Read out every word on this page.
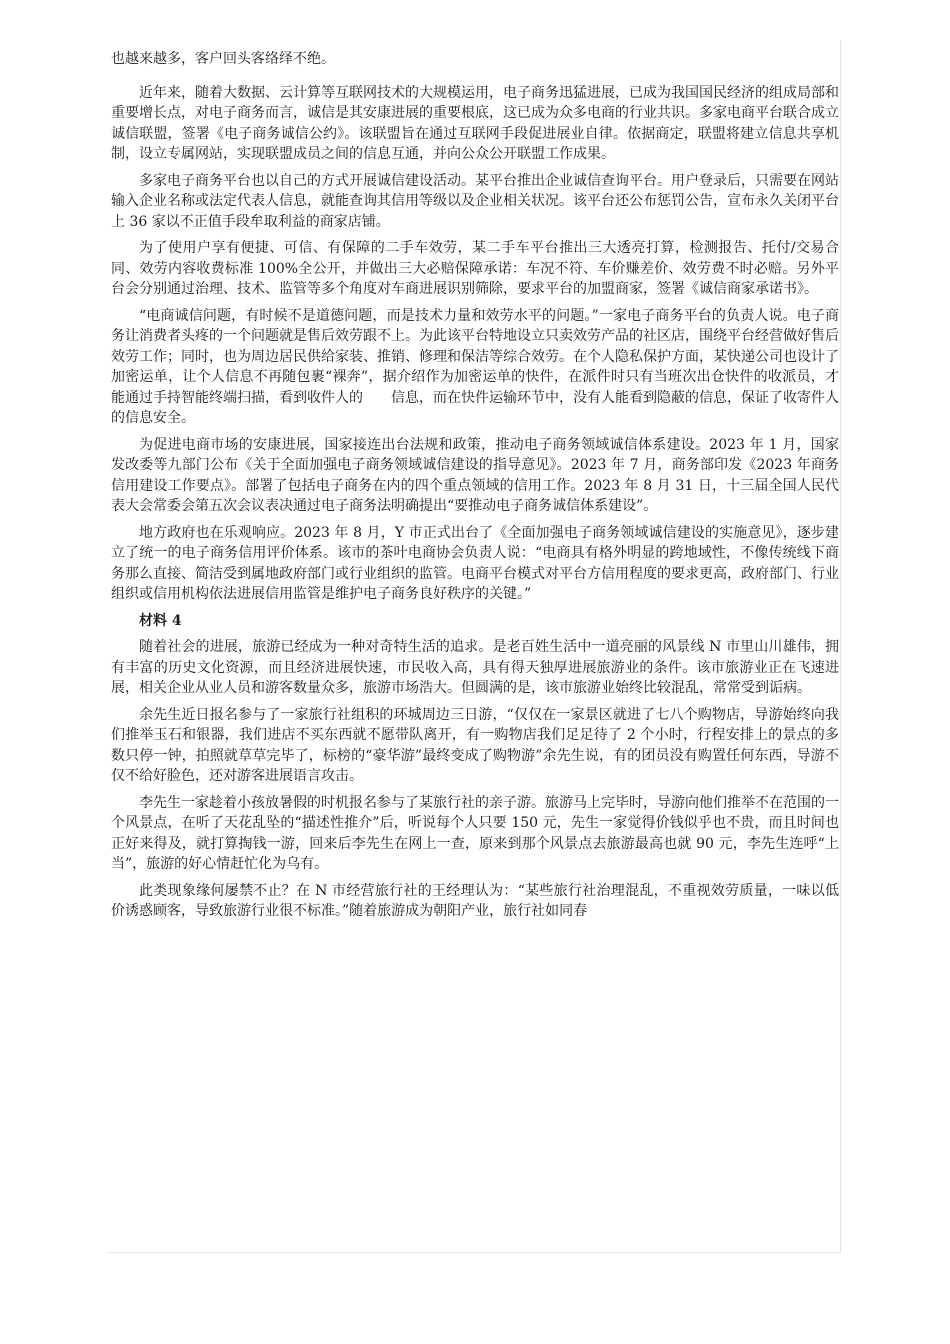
也越来越多，客户回头客络绎不绝。

近年来，随着大数据、云计算等互联网技术的大规模运用，电子商务迅猛进展，已成为我国国民经济的组成局部和重要增长点，对电子商务而言，诚信是其安康进展的重要根底，这已成为众多电商的行业共识。多家电商平台联合成立诚信联盟，签署《电子商务诚信公约》。该联盟旨在通过互联网手段促进展业自律。依据商定，联盟将建立信息共享机制，设立专属网站，实现联盟成员之间的信息互通，并向公众公开联盟工作成果。

多家电子商务平台也以自己的方式开展诚信建设活动。某平台推出企业诚信查询平台。用户登录后，只需要在网站输入企业名称或法定代表人信息，就能查询其信用等级以及企业相关状况。该平台还公布惩罚公告，宣布永久关闭平台上 36 家以不正值手段牟取利益的商家店铺。

为了使用户享有便捷、可信、有保障的二手车效劳，某二手车平台推出三大透亮打算，检测报告、托付/交易合同、效劳内容收费标准 100%全公开，并做出三大必赔保障承诺：车况不符、车价赚差价、效劳费不时必赔。另外平台会分别通过治理、技术、监管等多个角度对车商进展识别筛除，要求平台的加盟商家，签署《诚信商家承诺书》。

“电商诚信问题，有时候不是道德问题，而是技术力量和效劳水平的问题。”一家电子商务平台的负责人说。电子商务让消费者头疼的一个问题就是售后效劳跟不上。为此该平台特地设立只卖效劳产品的社区店，围绕平台经营做好售后效劳工作；同时，也为周边居民供给家装、推销、修理和保洁等综合效劳。在个人隐私保护方面，某快递公司也设计了加密运单，让个人信息不再随包裹“裸奔”，据介绍作为加密运单的快件，在派件时只有当班次出仓快件的收派员，才能通过手持智能终端扫描，看到收件人的　　信息，而在快件运输环节中，没有人能看到隐蔽的信息，保证了收寄件人的信息安全。

为促进电商市场的安康进展，国家接连出台法规和政策，推动电子商务领域诚信体系建设。2023 年 1 月，国家发改委等九部门公布《关于全面加强电子商务领域诚信建设的指导意见》。2023 年 7 月，商务部印发《2023 年商务信用建设工作要点》。部署了包括电子商务在内的四个重点领域的信用工作。2023 年 8 月 31 日，十三届全国人民代表大会常委会第五次会议表决通过电子商务法明确提出“要推动电子商务诚信体系建设”。

地方政府也在乐观响应。2023 年 8 月，Y 市正式出台了《全面加强电子商务领域诚信建设的实施意见》，逐步建立了统一的电子商务信用评价体系。该市的茶叶电商协会负责人说：“电商具有格外明显的跨地域性，不像传统线下商务那么直接、简洁受到属地政府部门或行业组织的监管。电商平台模式对平台方信用程度的要求更高，政府部门、行业组织或信用机构依法进展信用监管是维护电子商务良好秩序的关键。”

材料 4

随着社会的进展，旅游已经成为一种对奇特生活的追求。是老百姓生活中一道亮丽的风景线 N 市里山川雄伟，拥有丰富的历史文化资源，而且经济进展快速，市民收入高，具有得天独厚进展旅游业的条件。该市旅游业正在飞速进展，相关企业从业人员和游客数量众多，旅游市场浩大。但圆满的是，该市旅游业始终比较混乱，常常受到诟病。

余先生近日报名参与了一家旅行社组积的环城周边三日游，“仅仅在一家景区就进了七八个购物店，导游始终向我们推举玉石和银器，我们进店不买东西就不愿带队离开，有一购物店我们足足待了 2 个小时，行程安排上的景点的多数只停一钟，拍照就草草完毕了，标榜的“豪华游”最终变成了购物游”余先生说，有的团员没有购置任何东西，导游不仅不给好脸色，还对游客进展语言攻击。

李先生一家趁着小孩放暑假的时机报名参与了某旅行社的亲子游。旅游马上完毕时，导游向他们推举不在范围的一个风景点，在听了天花乱坠的“描述性推介”后，听说每个人只要 150 元，先生一家觉得价钱似乎也不贵，而且时间也正好来得及，就打算掏钱一游，回来后李先生在网上一查，原来到那个风景点去旅游最高也就 90 元，李先生连呼“上当”，旅游的好心情赶忙化为乌有。

此类现象缘何屡禁不止？在 N 市经营旅行社的王经理认为：“某些旅行社治理混乱，不重视效劳质量，一味以低价诱惑顾客，导致旅游行业很不标准。”随着旅游成为朝阳产业，旅行社如同春
